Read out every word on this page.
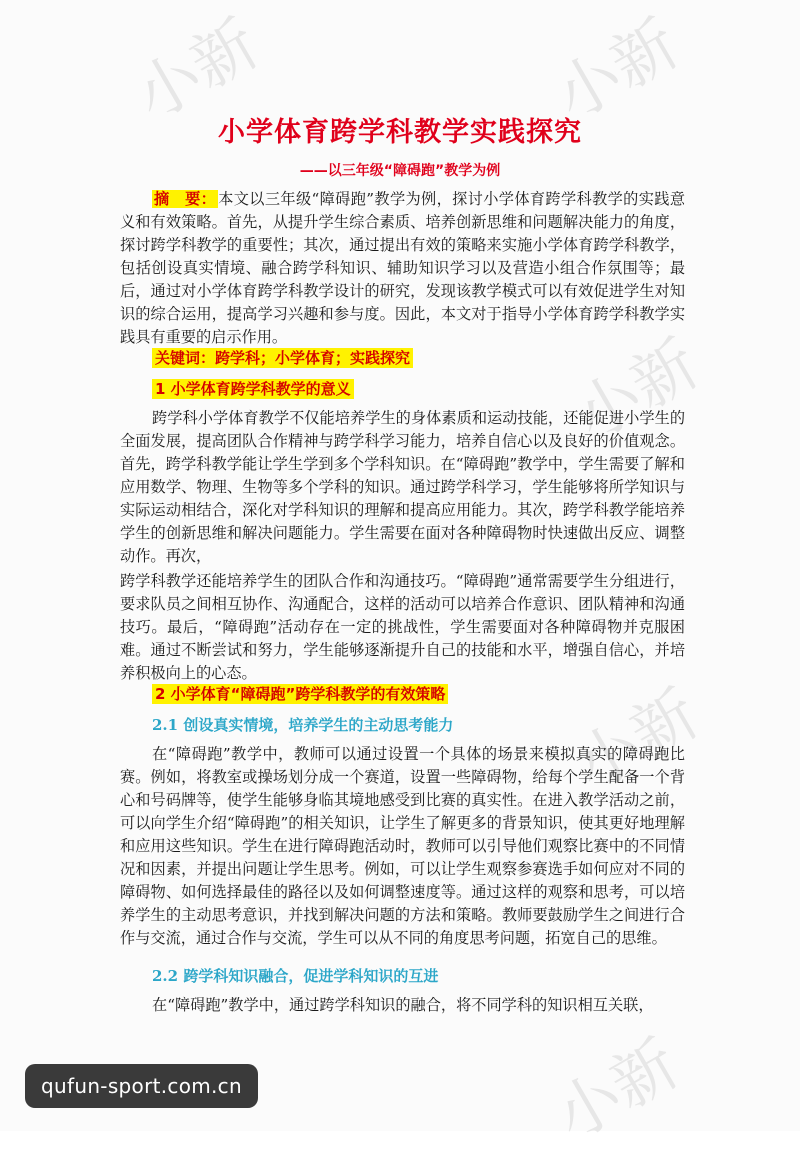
小新	小新
小新
小新
小新
小学体育跨学科教学实践探究

——以三年级“障碍跑”教学为例

摘　要： 本文以三年级“障碍跑”教学为例，探讨小学体育跨学科教学的实践意义和有效策略。首先，从提升学生综合素质、培养创新思维和问题解决能力的角度，探讨跨学科教学的重要性；其次，通过提出有效的策略来实施小学体育跨学科教学，包括创设真实情境、融合跨学科知识、辅助知识学习以及营造小组合作氛围等；最后，通过对小学体育跨学科教学设计的研究，发现该教学模式可以有效促进学生对知识的综合运用，提高学习兴趣和参与度。因此，本文对于指导小学体育跨学科教学实践具有重要的启示作用。

关键词：跨学科；小学体育；实践探究

1 小学体育跨学科教学的意义

跨学科小学体育教学不仅能培养学生的身体素质和运动技能，还能促进小学生的全面发展，提高团队合作精神与跨学科学习能力，培养自信心以及良好的价值观念。首先，跨学科教学能让学生学到多个学科知识。在“障碍跑”教学中，学生需要了解和应用数学、物理、生物等多个学科的知识。通过跨学科学习，学生能够将所学知识与实际运动相结合，深化对学科知识的理解和提高应用能力。其次，跨学科教学能培养学生的创新思维和解决问题能力。学生需要在面对各种障碍物时快速做出反应、调整动作。再次，

跨学科教学还能培养学生的团队合作和沟通技巧。“障碍跑”通常需要学生分组进行，要求队员之间相互协作、沟通配合，这样的活动可以培养合作意识、团队精神和沟通技巧。最后，“障碍跑”活动存在一定的挑战性，学生需要面对各种障碍物并克服困难。通过不断尝试和努力，学生能够逐渐提升自己的技能和水平，增强自信心，并培养积极向上的心态。

2 小学体育“障碍跑”跨学科教学的有效策略

2.1 创设真实情境，培养学生的主动思考能力

在“障碍跑”教学中，教师可以通过设置一个具体的场景来模拟真实的障碍跑比赛。例如，将教室或操场划分成一个赛道，设置一些障碍物，给每个学生配备一个背心和号码牌等，使学生能够身临其境地感受到比赛的真实性。在进入教学活动之前，可以向学生介绍“障碍跑”的相关知识，让学生了解更多的背景知识，使其更好地理解和应用这些知识。学生在进行障碍跑活动时，教师可以引导他们观察比赛中的不同情况和因素，并提出问题让学生思考。例如，可以让学生观察参赛选手如何应对不同的障碍物、如何选择最佳的路径以及如何调整速度等。通过这样的观察和思考，可以培养学生的主动思考意识，并找到解决问题的方法和策略。教师要鼓励学生之间进行合作与交流，通过合作与交流，学生可以从不同的角度思考问题，拓宽自己的思维。

2.2 跨学科知识融合，促进学科知识的互进

在“障碍跑”教学中，通过跨学科知识的融合，将不同学科的知识相互关联，

qufun-sport.com.cn
